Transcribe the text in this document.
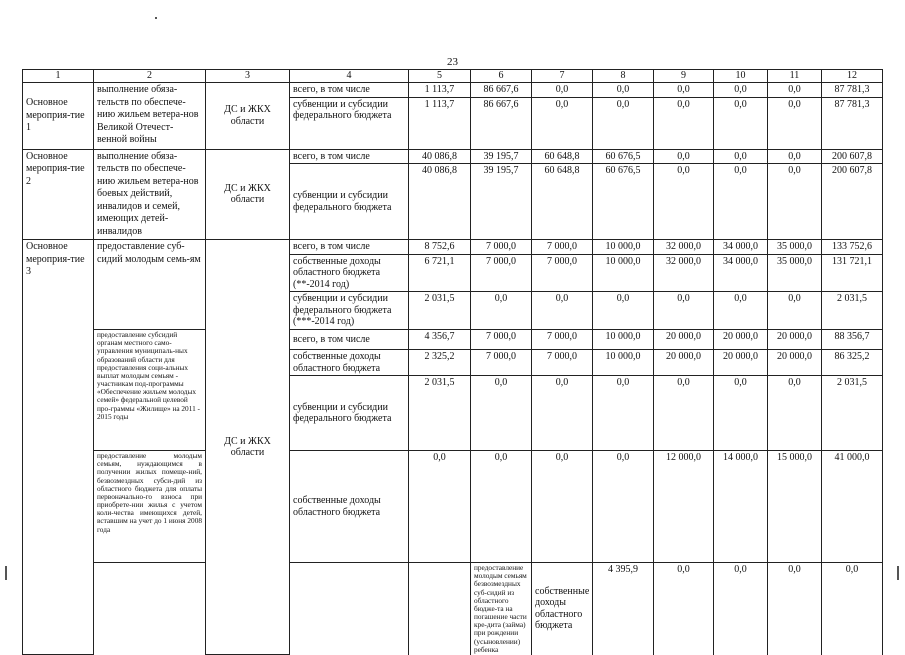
23
1	2	3	4	5	6	7	8	9	10	11	12	
Основное мероприя-тие 1	выполнение обяза-тельств по обеспече-нию жильем ветера-нов Великой Отечест-венной войны	ДС и ЖКХ области	всего, в том числе	1 113,7	86 667,6	0,0	0,0	0,0	0,0	0,0	87 781,3	
			субвенции и субсидии федерального бюджета	1 113,7	86 667,6	0,0	0,0	0,0	0,0	0,0	87 781,3	
Основное мероприя-тие 2	выполнение обяза-тельств по обеспече-нию жильем ветера-нов боевых действий, инвалидов и семей, имеющих детей-инвалидов	ДС и ЖКХ области	всего, в том числе	40 086,8	39 195,7	60 648,8	60 676,5	0,0	0,0	0,0	200 607,8	
			субвенции и субсидии федерального бюджета	40 086,8	39 195,7	60 648,8	60 676,5	0,0	0,0	0,0	200 607,8	
Основное мероприя-тие 3	предоставление суб-сидий молодым семь-ям	ДС и ЖКХ области	всего, в том числе	8 752,6	7 000,0	7 000,0	10 000,0	32 000,0	34 000,0	35 000,0	133 752,6	
			собственные доходы областного бюджета (**-2014 год)	6 721,1	7 000,0	7 000,0	10 000,0	32 000,0	34 000,0	35 000,0	131 721,1	
			субвенции и субсидии федерального бюджета (***-2014 год)	2 031,5	0,0	0,0	0,0	0,0	0,0	0,0	2 031,5	
	предоставление субсидий органам местного само-управления муниципаль-ных образований области для предоставления соци-альных выплат молодым семьям - участникам под-программы «Обеспечение жильем молодых семей» федеральной целевой про-граммы «Жилище» на 2011 - 2015 годы		всего, в том числе	4 356,7	7 000,0	7 000,0	10 000,0	20 000,0	20 000,0	20 000,0	88 356,7	
			собственные доходы областного бюджета	2 325,2	7 000,0	7 000,0	10 000,0	20 000,0	20 000,0	20 000,0	86 325,2	
			субвенции и субсидии федерального бюджета	2 031,5	0,0	0,0	0,0	0,0	0,0	0,0	2 031,5	
	предоставление молодым семьям, нуждающимся в получении жилых помеще-ний, безвозмездных субси-дий из областного бюджета для оплаты первоначально-го взноса при приобрете-нии жилья с учетом коли-чества имеющихся детей, вставшим на учет до 1 июня 2008 года		собственные доходы областного бюджета	0,0	0,0	0,0	0,0	12 000,0	14 000,0	15 000,0	41 000,0	
					предоставление молодым семьям безвозмездных суб-сидий из областного бюдже-та на погашение части кре-дита (займа) при рождении (усыновлении) ребенка	собственные доходы областного бюджета	4 395,9	0,0	0,0	0,0	0,0			
